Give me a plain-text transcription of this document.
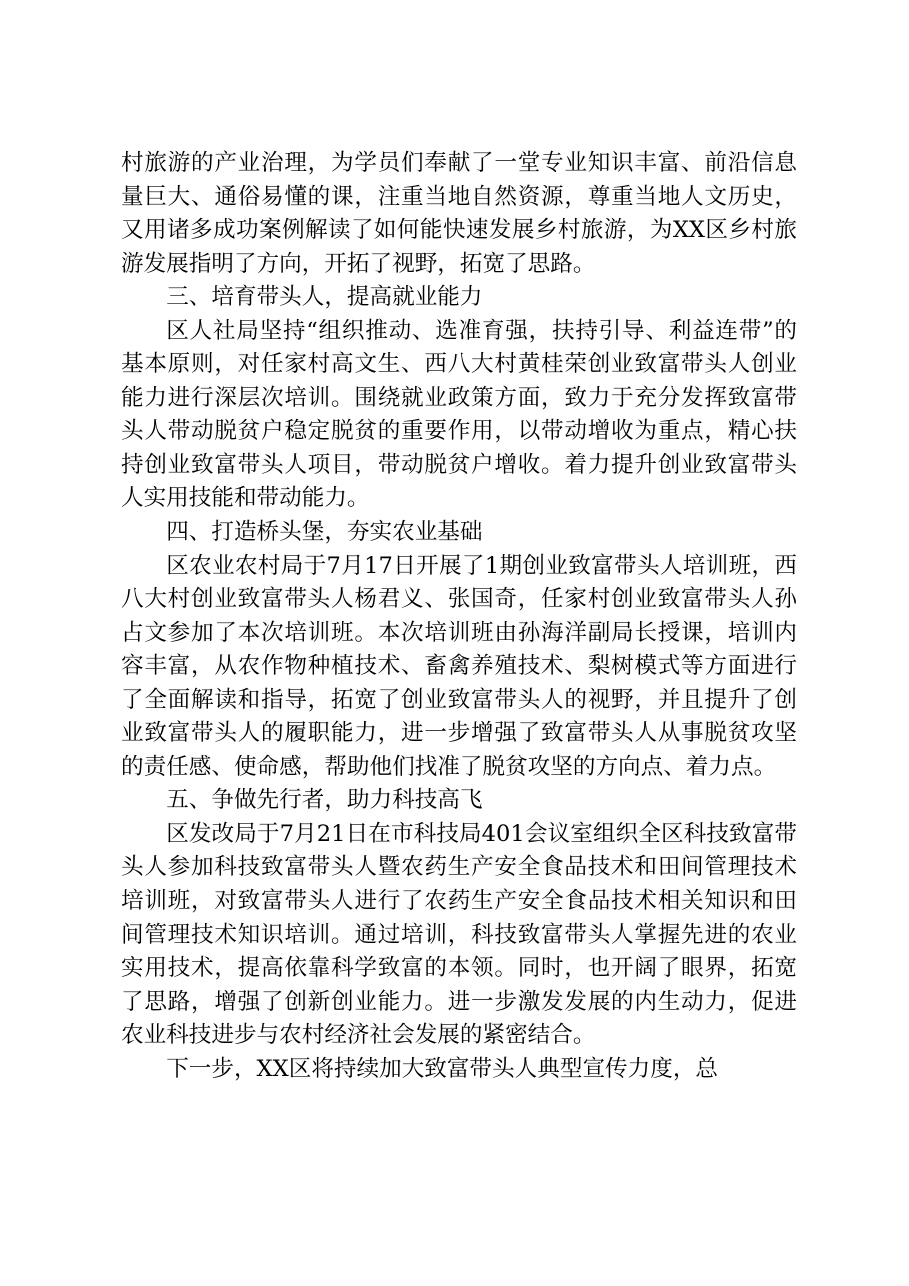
村旅游的产业治理，为学员们奉献了一堂专业知识丰富、前沿信息量巨大、通俗易懂的课，注重当地自然资源，尊重当地人文历史，又用诸多成功案例解读了如何能快速发展乡村旅游，为XX区乡村旅游发展指明了方向，开拓了视野，拓宽了思路。

三、培育带头人，提高就业能力

区人社局坚持“组织推动、选准育强，扶持引导、利益连带”的基本原则，对任家村高文生、西八大村黄桂荣创业致富带头人创业能力进行深层次培训。围绕就业政策方面，致力于充分发挥致富带头人带动脱贫户稳定脱贫的重要作用，以带动增收为重点，精心扶持创业致富带头人项目，带动脱贫户增收。着力提升创业致富带头人实用技能和带动能力。

四、打造桥头堡，夯实农业基础

区农业农村局于7月17日开展了1期创业致富带头人培训班，西八大村创业致富带头人杨君义、张国奇，任家村创业致富带头人孙占文参加了本次培训班。本次培训班由孙海洋副局长授课，培训内容丰富，从农作物种植技术、畜禽养殖技术、梨树模式等方面进行了全面解读和指导，拓宽了创业致富带头人的视野，并且提升了创业致富带头人的履职能力，进一步增强了致富带头人从事脱贫攻坚的责任感、使命感，帮助他们找准了脱贫攻坚的方向点、着力点。

五、争做先行者，助力科技高飞

区发改局于7月21日在市科技局401会议室组织全区科技致富带头人参加科技致富带头人暨农药生产安全食品技术和田间管理技术培训班，对致富带头人进行了农药生产安全食品技术相关知识和田间管理技术知识培训。通过培训，科技致富带头人掌握先进的农业实用技术，提高依靠科学致富的本领。同时，也开阔了眼界，拓宽了思路，增强了创新创业能力。进一步激发发展的内生动力，促进农业科技进步与农村经济社会发展的紧密结合。

下一步，XX区将持续加大致富带头人典型宣传力度，总
